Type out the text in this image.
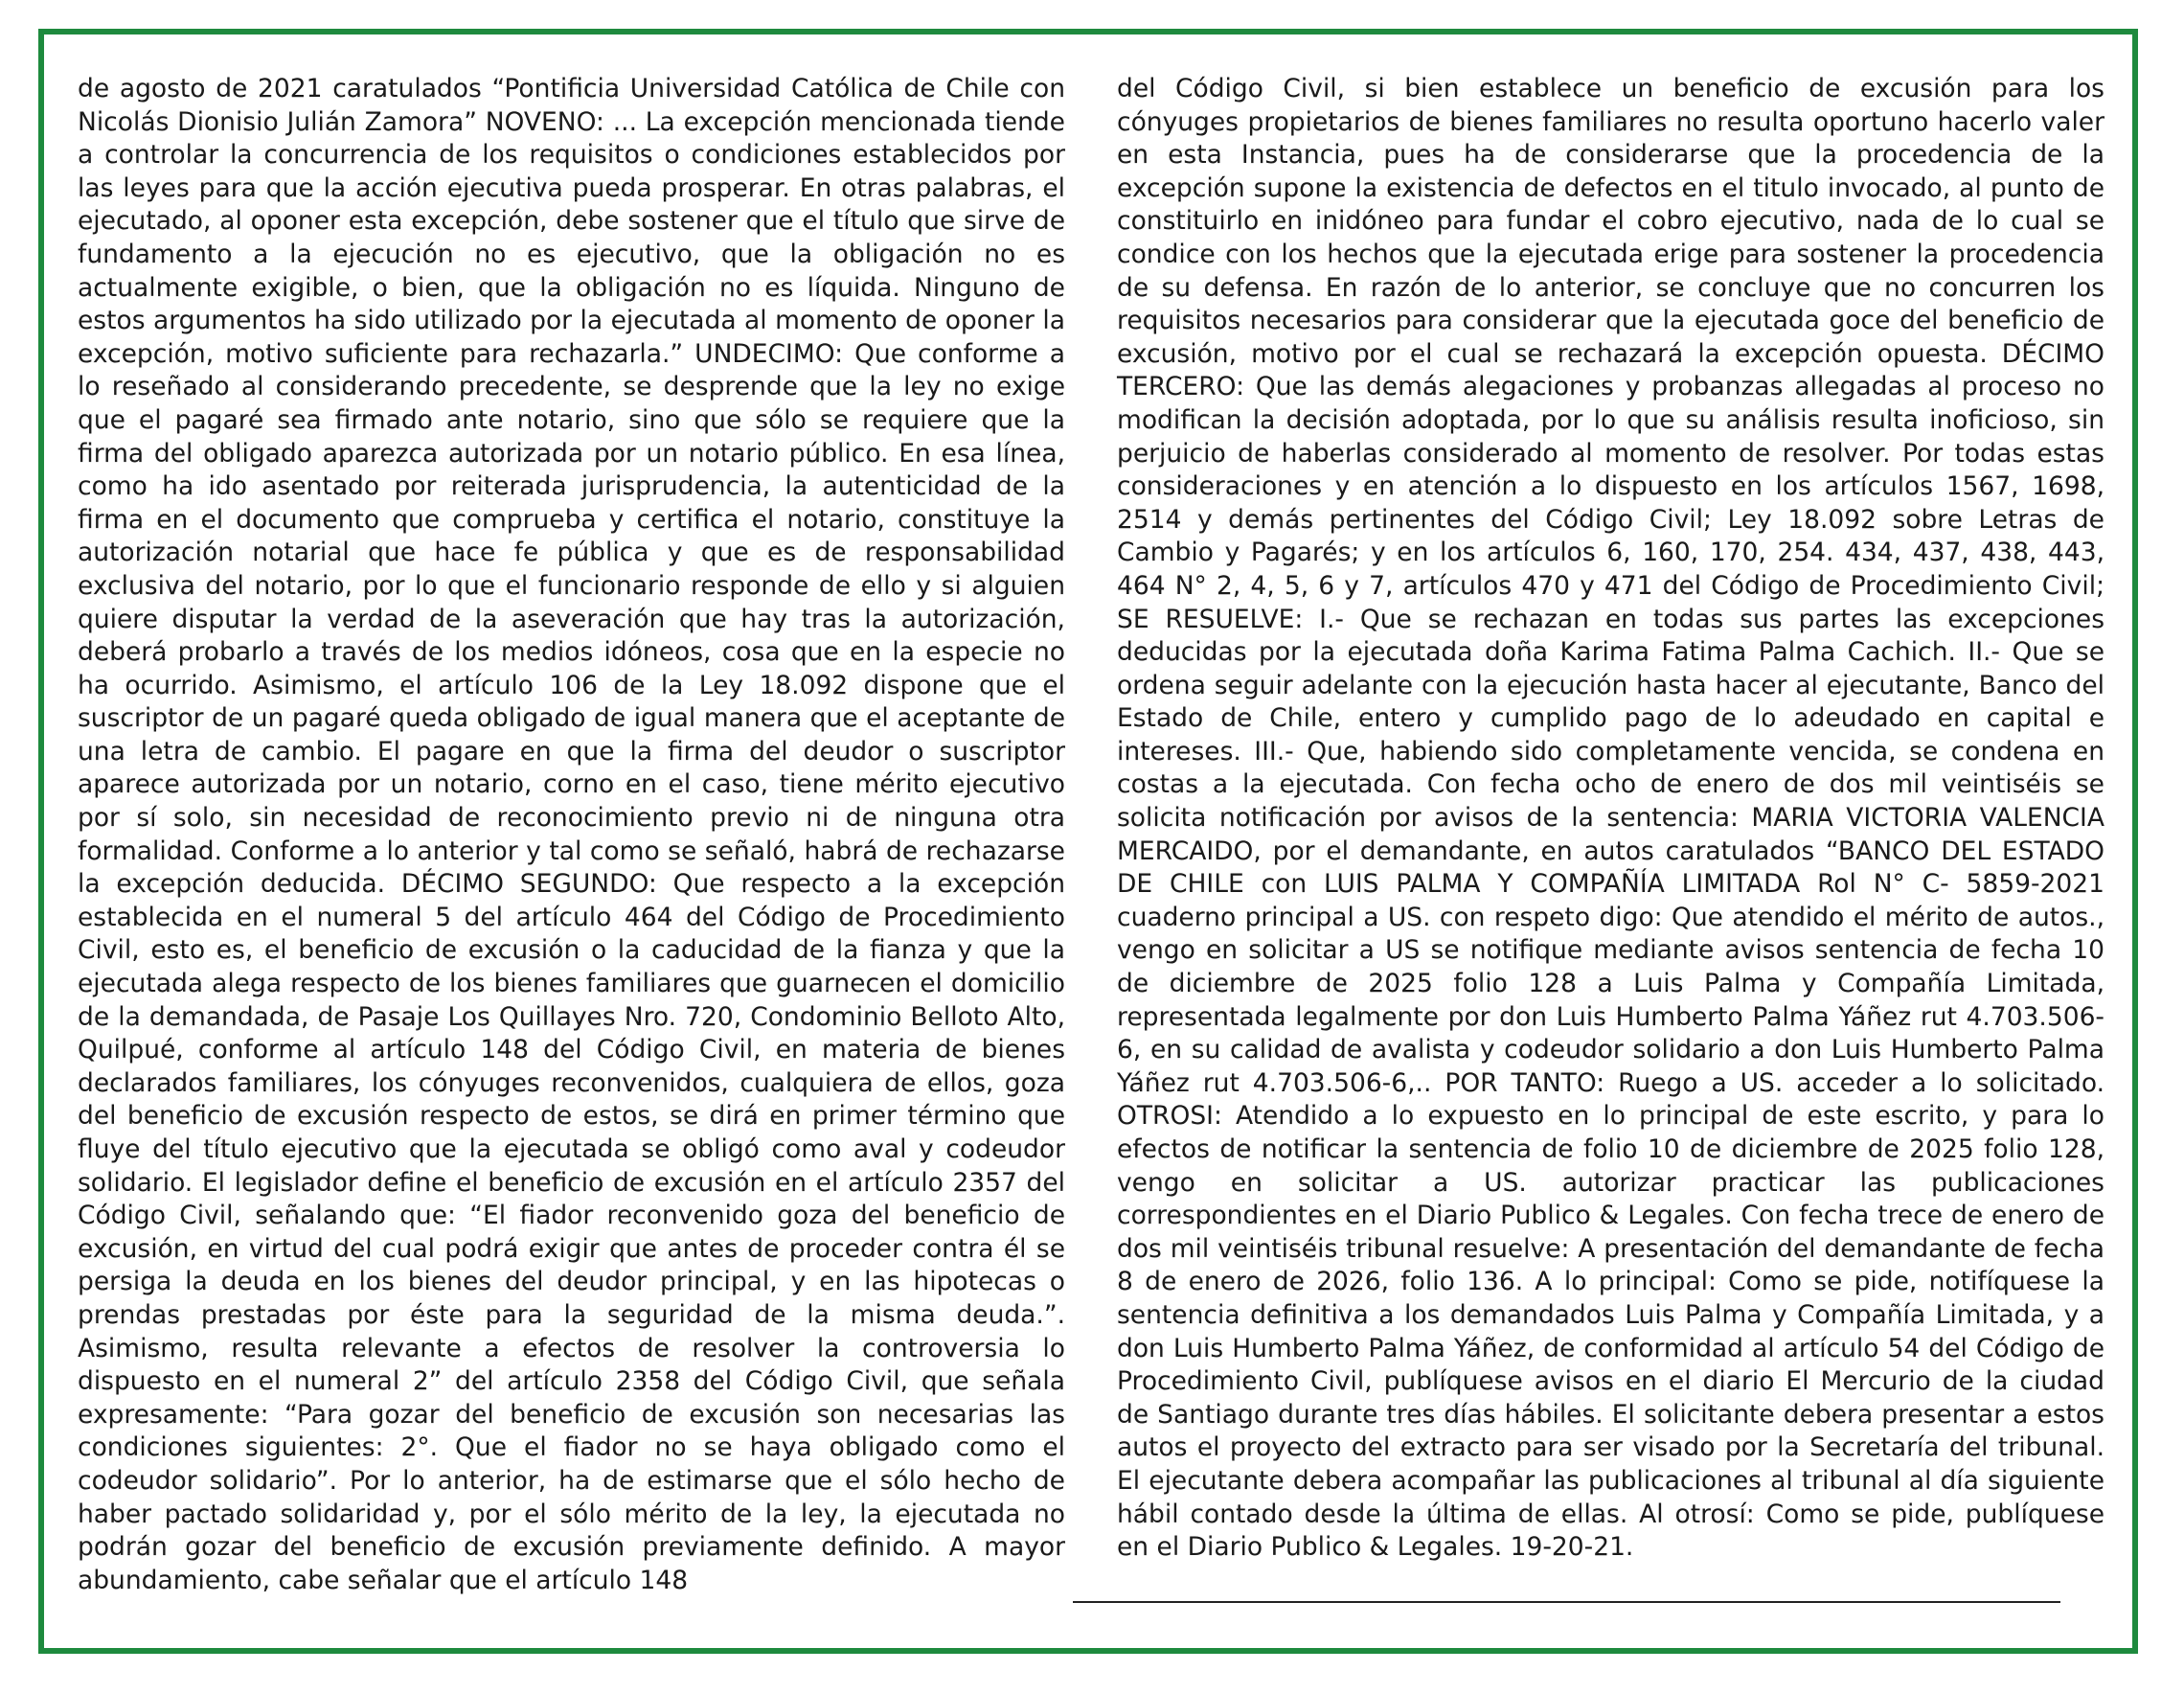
de agosto de 2021 caratulados “Pontificia Universidad Católica de Chile con Nicolás Dionisio Julián Zamora” NOVENO: ... La excepción mencionada tiende a controlar la concurrencia de los requisitos o condiciones establecidos por las leyes para que la acción ejecutiva pueda prosperar. En otras palabras, el ejecutado, al oponer esta excepción, debe sostener que el título que sirve de fundamento a la ejecución no es ejecutivo, que la obligación no es actualmente exigible, o bien, que la obligación no es líquida. Ninguno de estos argumentos ha sido utilizado por la ejecutada al momento de oponer la excepción, motivo suficiente para rechazarla.” UNDECIMO: Que conforme a lo reseñado al considerando precedente, se desprende que la ley no exige que el pagaré sea firmado ante notario, sino que sólo se requiere que la firma del obligado aparezca autorizada por un notario público. En esa línea, como ha ido asentado por reiterada jurisprudencia, la autenticidad de la firma en el documento que comprueba y certifica el notario, constituye la autorización notarial que hace fe pública y que es de responsabilidad exclusiva del notario, por lo que el funcionario responde de ello y si alguien quiere disputar la verdad de la aseveración que hay tras la autorización, deberá probarlo a través de los medios idóneos, cosa que en la especie no ha ocurrido. Asimismo, el artículo 106 de la Ley 18.092 dispone que el suscriptor de un pagaré queda obligado de igual manera que el aceptante de una letra de cambio. El pagare en que la firma del deudor o suscriptor aparece autorizada por un notario, corno en el caso, tiene mérito ejecutivo por sí solo, sin necesidad de reconocimiento previo ni de ninguna otra formalidad. Conforme a lo anterior y tal como se señaló, habrá de rechazarse la excepción deducida. DÉCIMO SEGUNDO: Que respecto a la excepción establecida en el numeral 5 del artículo 464 del Código de Procedimiento Civil, esto es, el beneficio de excusión o la caducidad de la fianza y que la ejecutada alega respecto de los bienes familiares que guarnecen el domicilio de la demandada, de Pasaje Los Quillayes Nro. 720, Condominio Belloto Alto, Quilpué, conforme al artículo 148 del Código Civil, en materia de bienes declarados familiares, los cónyuges reconvenidos, cualquiera de ellos, goza del beneficio de excusión respecto de estos, se dirá en primer término que fluye del título ejecutivo que la ejecutada se obligó como aval y codeudor solidario. El legislador define el beneficio de excusión en el artículo 2357 del Código Civil, señalando que: “El fiador reconvenido goza del beneficio de excusión, en virtud del cual podrá exigir que antes de proceder contra él se persiga la deuda en los bienes del deudor principal, y en las hipotecas o prendas prestadas por éste para la seguridad de la misma deuda.”. Asimismo, resulta relevante a efectos de resolver la controversia lo dispuesto en el numeral 2” del artículo 2358 del Código Civil, que señala expresamente: “Para gozar del beneficio de excusión son necesarias las condiciones siguientes: 2°. Que el fiador no se haya obligado como el codeudor solidario”. Por lo anterior, ha de estimarse que el sólo hecho de haber pactado solidaridad y, por el sólo mérito de la ley, la ejecutada no podrán gozar del beneficio de excusión previamente definido. A mayor abundamiento, cabe señalar que el artículo 148
del Código Civil, si bien establece un beneficio de excusión para los cónyuges propietarios de bienes familiares no resulta oportuno hacerlo valer en esta Instancia, pues ha de considerarse que la procedencia de la excepción supone la existencia de defectos en el titulo invocado, al punto de constituirlo en inidóneo para fundar el cobro ejecutivo, nada de lo cual se condice con los hechos que la ejecutada erige para sostener la procedencia de su defensa. En razón de lo anterior, se concluye que no concurren los requisitos necesarios para considerar que la ejecutada goce del beneficio de excusión, motivo por el cual se rechazará la excepción opuesta. DÉCIMO TERCERO: Que las demás alegaciones y probanzas allegadas al proceso no modifican la decisión adoptada, por lo que su análisis resulta inoficioso, sin perjuicio de haberlas considerado al momento de resolver. Por todas estas consideraciones y en atención a lo dispuesto en los artículos 1567, 1698, 2514 y demás pertinentes del Código Civil; Ley 18.092 sobre Letras de Cambio y Pagarés; y en los artículos 6, 160, 170, 254. 434, 437, 438, 443, 464 N° 2, 4, 5, 6 y 7, artículos 470 y 471 del Código de Procedimiento Civil; SE RESUELVE: I.- Que se rechazan en todas sus partes las excepciones deducidas por la ejecutada doña Karima Fatima Palma Cachich. II.- Que se ordena seguir adelante con la ejecución hasta hacer al ejecutante, Banco del Estado de Chile, entero y cumplido pago de lo adeudado en capital e intereses. III.- Que, habiendo sido completamente vencida, se condena en costas a la ejecutada. Con fecha ocho de enero de dos mil veintiséis se solicita notificación por avisos de la sentencia: MARIA VICTORIA VALENCIA MERCAIDO, por el demandante, en autos caratulados “BANCO DEL ESTADO DE CHILE con LUIS PALMA Y COMPAÑÍA LIMITADA Rol N° C- 5859-2021 cuaderno principal a US. con respeto digo: Que atendido el mérito de autos., vengo en solicitar a US se notifique mediante avisos sentencia de fecha 10 de diciembre de 2025 folio 128 a Luis Palma y Compañía Limitada, representada legalmente por don Luis Humberto Palma Yáñez rut 4.703.506-6, en su calidad de avalista y codeudor solidario a don Luis Humberto Palma Yáñez rut 4.703.506-6,.. POR TANTO: Ruego a US. acceder a lo solicitado. OTROSI: Atendido a lo expuesto en lo principal de este escrito, y para lo efectos de notificar la sentencia de folio 10 de diciembre de 2025 folio 128, vengo en solicitar a US. autorizar practicar las publicaciones correspondientes en el Diario Publico & Legales. Con fecha trece de enero de dos mil veintiséis tribunal resuelve: A presentación del demandante de fecha 8 de enero de 2026, folio 136. A lo principal: Como se pide, notifíquese la sentencia definitiva a los demandados Luis Palma y Compañía Limitada, y a don Luis Humberto Palma Yáñez, de conformidad al artículo 54 del Código de Procedimiento Civil, publíquese avisos en el diario El Mercurio de la ciudad de Santiago durante tres días hábiles. El solicitante debera presentar a estos autos el proyecto del extracto para ser visado por la Secretaría del tribunal. El ejecutante debera acompañar las publicaciones al tribunal al día siguiente hábil contado desde la última de ellas. Al otrosí: Como se pide, publíquese en el Diario Publico & Legales. 19-20-21.
